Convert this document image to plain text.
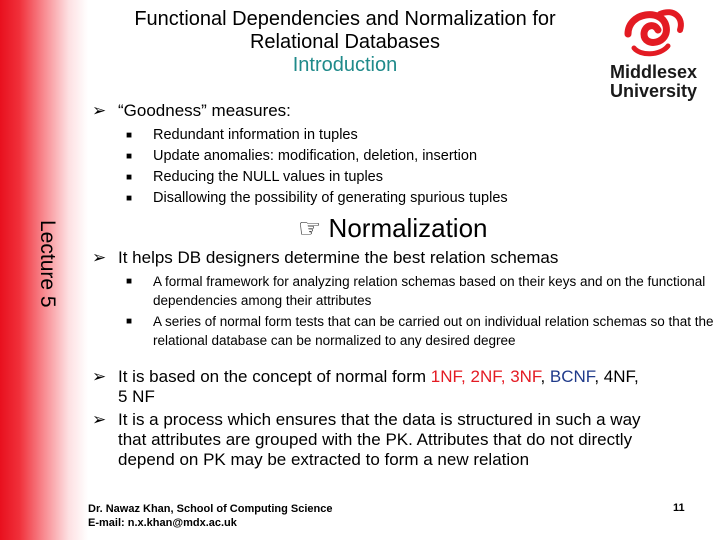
Lecture 5
Functional Dependencies and Normalization for
Relational Databases
Introduction	Middlesex
University
➢ “Goodness” measures:
■ Redundant information in tuples
■ Update anomalies: modification, deletion, insertion
■ Reducing the NULL values in tuples
■ Disallowing the possibility of generating spurious tuples
☞ Normalization
➢ It helps DB designers determine the best relation schemas
■ A formal framework for analyzing relation schemas based on their keys and on the functional dependencies among their attributes
■ A series of normal form tests that can be carried out on individual relation schemas so that the relational database can be normalized to any desired degree
➢ It is based on the concept of normal form 1NF, 2NF, 3NF, BCNF, 4NF,
5 NF
➢ It is a process which ensures that the data is structured in such a way
that attributes are grouped with the PK. Attributes that do not directly
depend on PK may be extracted to form a new relation
Dr. Nawaz Khan, School of Computing Science
E-mail: n.x.khan@mdx.ac.uk
11
